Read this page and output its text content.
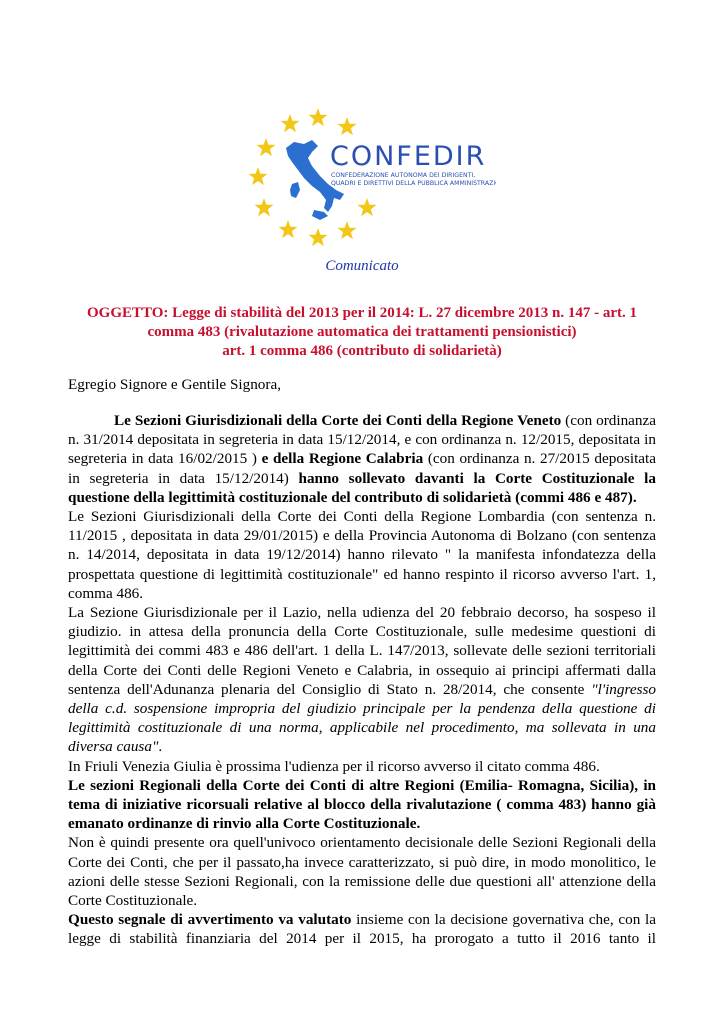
CONFEDIR
CONFEDERAZIONE AUTONOMA DEI DIRIGENTI,
QUADRI E DIRETTIVI DELLA PUBBLICA AMMINISTRAZIONE
Comunicato
OGGETTO: Legge di stabilità del 2013 per il 2014: L. 27 dicembre 2013 n. 147 - art. 1
comma 483 (rivalutazione automatica dei trattamenti pensionistici)
art. 1 comma 486 (contributo di solidarietà)
Egregio Signore e Gentile Signora,

Le Sezioni Giurisdizionali della Corte dei Conti della Regione Veneto (con ordinanza n. 31/2014 depositata in segreteria in data 15/12/2014, e con ordinanza n. 12/2015, depositata in segreteria in data 16/02/2015 ) e della Regione Calabria (con ordinanza n. 27/2015 depositata in segreteria in data 15/12/2014) hanno sollevato davanti la Corte Costituzionale la questione della legittimità costituzionale del contributo di solidarietà (commi 486 e 487).

Le Sezioni Giurisdizionali della Corte dei Conti della Regione Lombardia (con sentenza n. 11/2015 , depositata in data 29/01/2015) e della Provincia Autonoma di Bolzano (con sentenza n. 14/2014, depositata in data 19/12/2014) hanno rilevato " la manifesta infondatezza della prospettata questione di legittimità costituzionale" ed hanno respinto il ricorso avverso l'art. 1, comma 486.

La Sezione Giurisdizionale per il Lazio, nella udienza del 20 febbraio decorso, ha sospeso il giudizio. in attesa della pronuncia della Corte Costituzionale, sulle medesime questioni di legittimità dei commi 483 e 486 dell'art. 1 della L. 147/2013, sollevate delle sezioni territoriali della Corte dei Conti delle Regioni Veneto e Calabria, in ossequio ai principi affermati dalla sentenza dell'Adunanza plenaria del Consiglio di Stato n. 28/2014, che consente "l'ingresso della c.d. sospensione impropria del giudizio principale per la pendenza della questione di legittimità costituzionale di una norma, applicabile nel procedimento, ma sollevata in una diversa causa".

In Friuli Venezia Giulia è prossima l'udienza per il ricorso avverso il citato comma 486.

Le sezioni Regionali della Corte dei Conti di altre Regioni (Emilia- Romagna, Sicilia), in tema di iniziative ricorsuali relative al blocco della rivalutazione ( comma 483) hanno già emanato ordinanze di rinvio alla Corte Costituzionale.

Non è quindi presente ora quell'univoco orientamento decisionale delle Sezioni Regionali della Corte dei Conti, che per il passato,ha invece caratterizzato, si può dire, in modo monolitico, le azioni delle stesse Sezioni Regionali, con la remissione delle due questioni all' attenzione della Corte Costituzionale.

Questo segnale di avvertimento va valutato insieme con la decisione governativa che, con la legge di stabilità finanziaria del 2014 per il 2015, ha prorogato a tutto il 2016 tanto il
